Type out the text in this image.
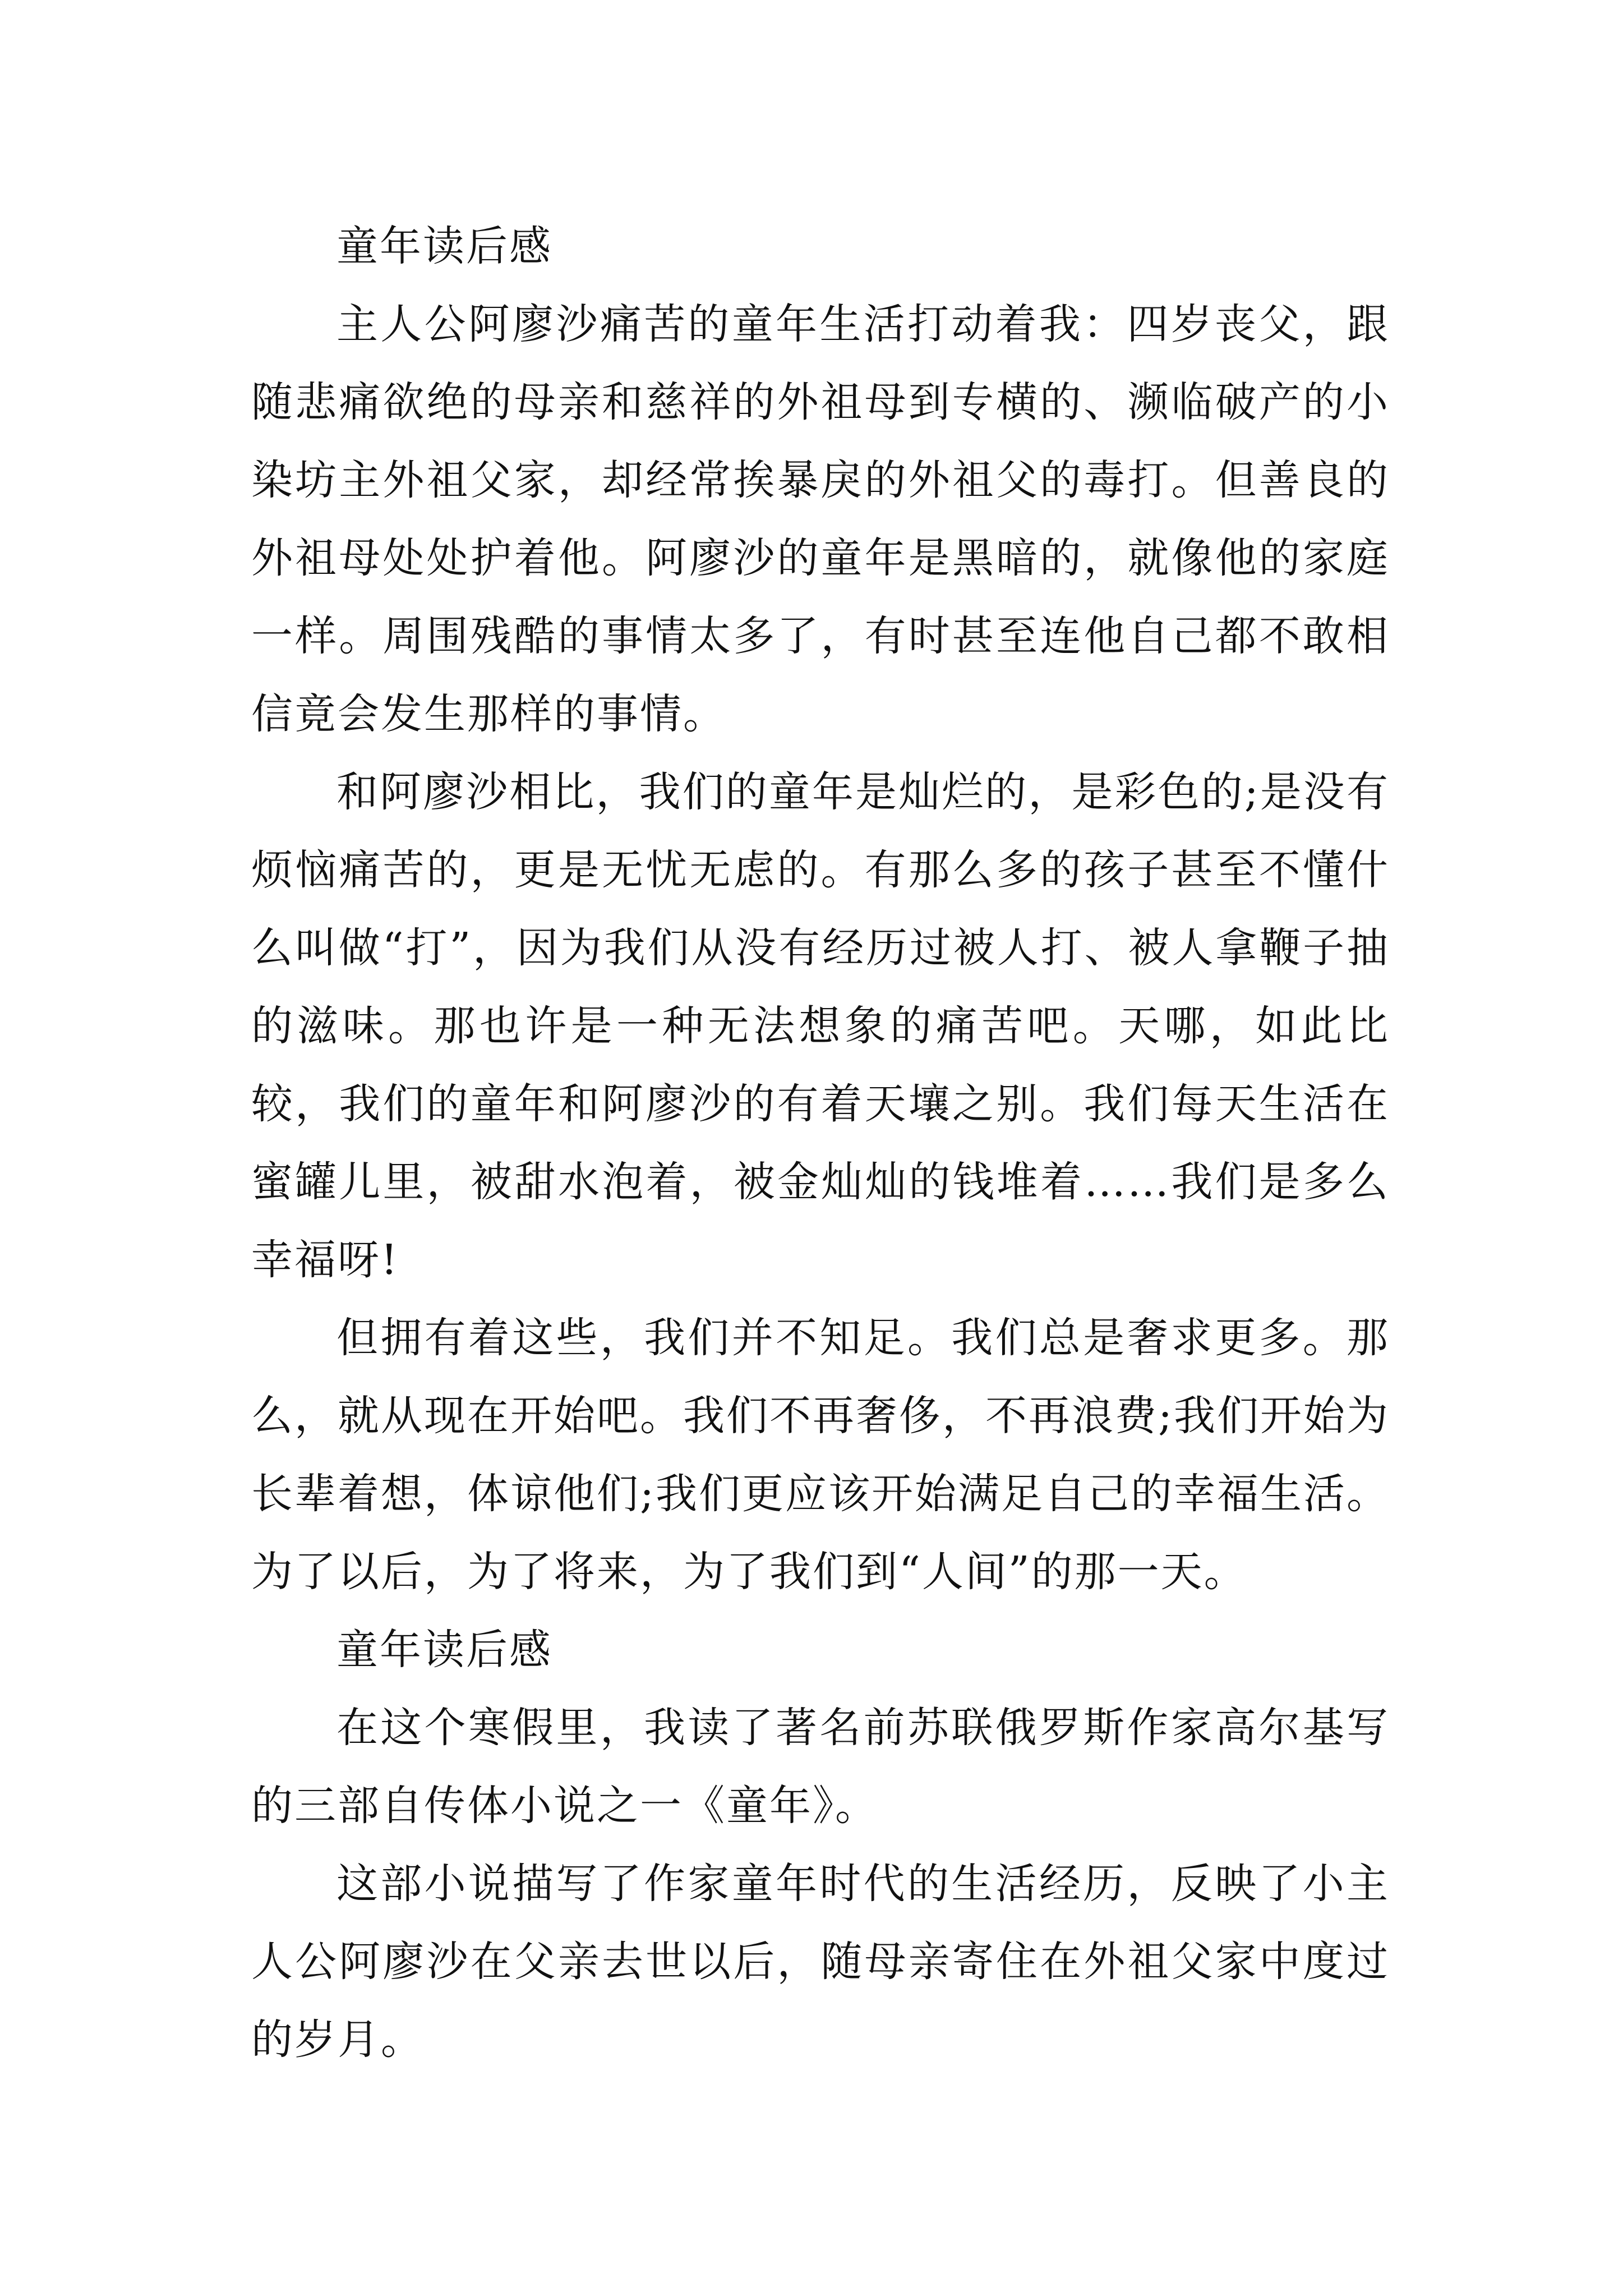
童年读后感

主人公阿廖沙痛苦的童年生活打动着我：四岁丧父，跟随悲痛欲绝的母亲和慈祥的外祖母到专横的、濒临破产的小染坊主外祖父家，却经常挨暴戾的外祖父的毒打。但善良的外祖母处处护着他。阿廖沙的童年是黑暗的，就像他的家庭一样。周围残酷的事情太多了，有时甚至连他自己都不敢相信竟会发生那样的事情。

和阿廖沙相比，我们的童年是灿烂的，是彩色的;是没有烦恼痛苦的，更是无忧无虑的。有那么多的孩子甚至不懂什么叫做“打”，因为我们从没有经历过被人打、被人拿鞭子抽的滋味。那也许是一种无法想象的痛苦吧。天哪，如此比较，我们的童年和阿廖沙的有着天壤之别。我们每天生活在蜜罐儿里，被甜水泡着，被金灿灿的钱堆着……我们是多么幸福呀!

但拥有着这些，我们并不知足。我们总是奢求更多。那么，就从现在开始吧。我们不再奢侈，不再浪费;我们开始为长辈着想，体谅他们;我们更应该开始满足自己的幸福生活。为了以后，为了将来，为了我们到“人间”的那一天。

童年读后感

在这个寒假里，我读了著名前苏联俄罗斯作家高尔基写的三部自传体小说之一《童年》。

这部小说描写了作家童年时代的生活经历，反映了小主人公阿廖沙在父亲去世以后，随母亲寄住在外祖父家中度过的岁月。
